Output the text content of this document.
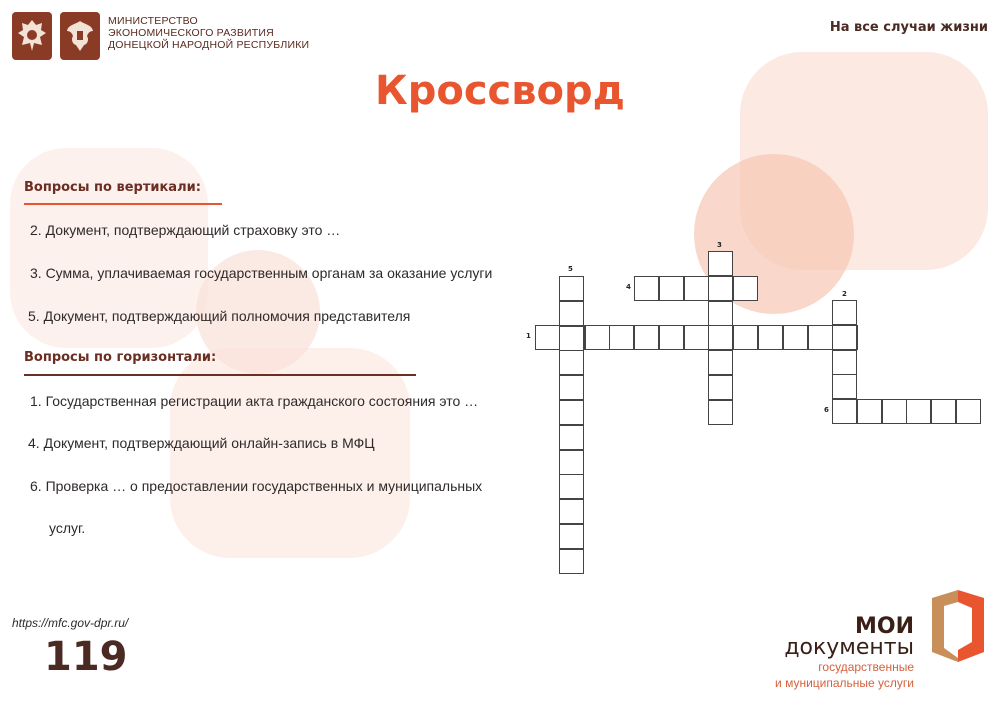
МИНИСТЕРСТВО
ЭКОНОМИЧЕСКОГО РАЗВИТИЯ
ДОНЕЦКОЙ НАРОДНОЙ РЕСПУБЛИКИ
На все случаи жизни
Кроссворд
Вопросы по вертикали:
2. Документ, подтверждающий страховку это …
3. Сумма, уплачиваемая государственным органам за оказание услуги
5. Документ, подтверждающий полномочия представителя
Вопросы по горизонтали:
1. Государственная регистрации акта гражданского состояния это …
4. Документ, подтверждающий онлайн-запись в МФЦ
6. Проверка … о предоставлении государственных и муниципальных
услуг.
1
2
3
4
5
6
https://mfc.gov-dpr.ru/
119
МОИ
документы
государственные
и муниципальные услуги
